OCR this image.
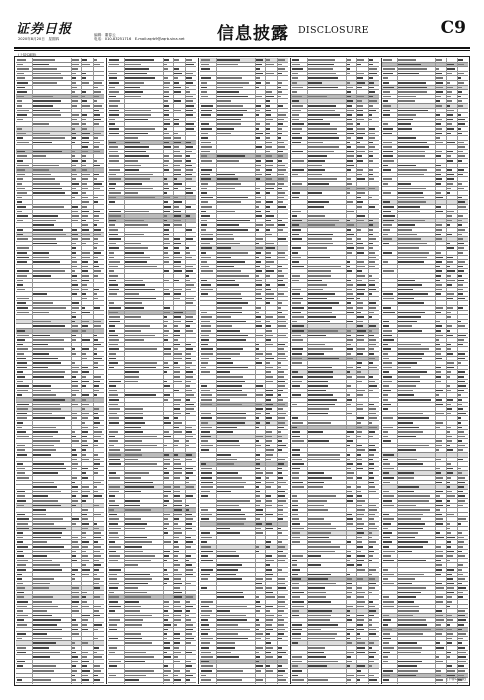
证券日报
2020年8月20日　星期四
编辑：董春云
电话：010-83251716　E-mail:zqrb9@zqrb.sina.net 信息披露 DISCLOSURE	C9
(上接C8版)
(下转C10版)
